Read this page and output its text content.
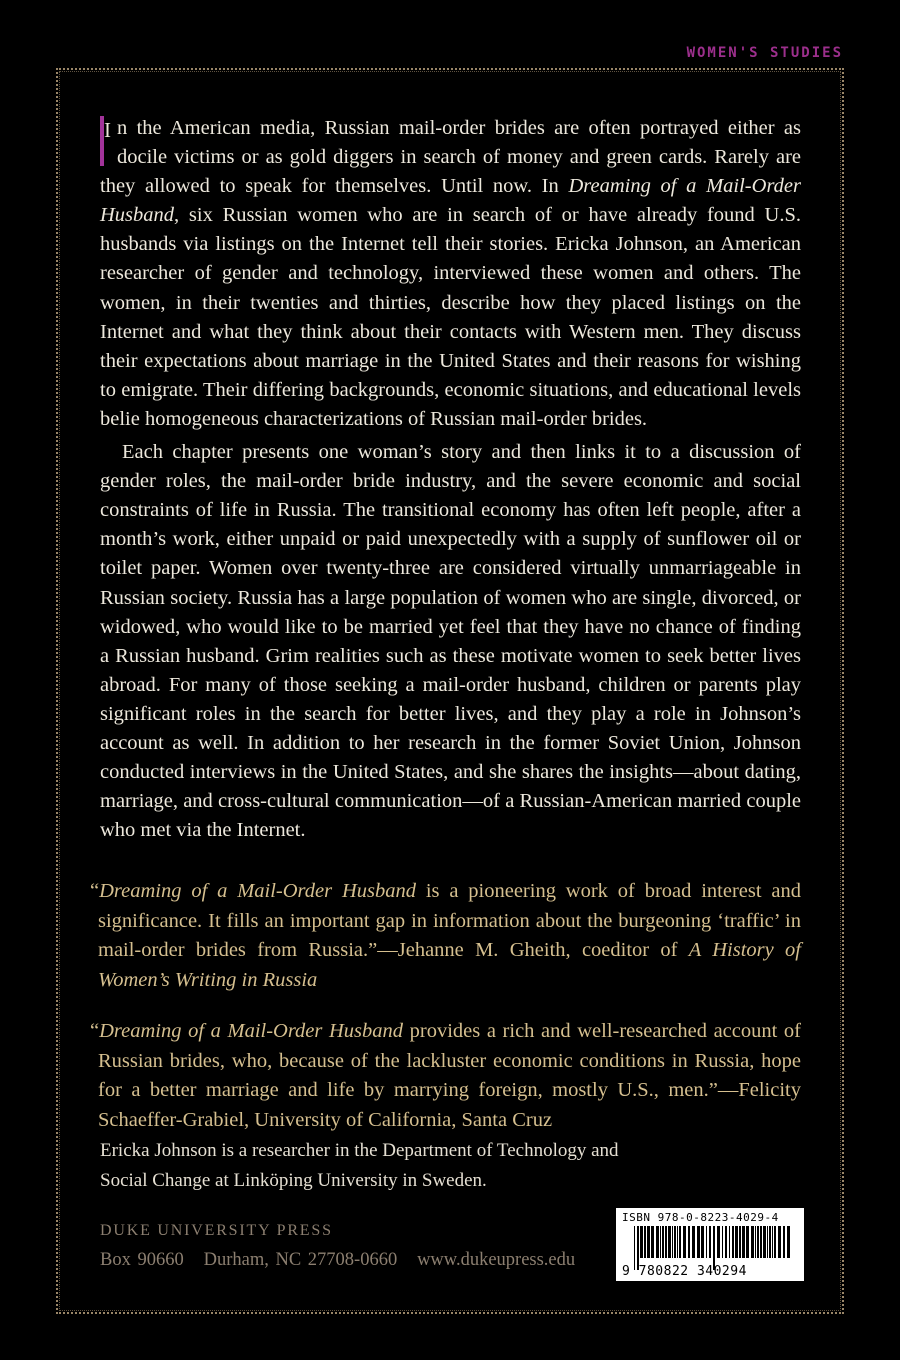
WOMEN'S STUDIES

I n the American media, Russian mail-order brides are often portrayed either as docile victims or as gold diggers in search of money and green cards. Rarely are they allowed to speak for themselves. Until now. In Dreaming of a Mail-Order Husband, six Russian women who are in search of or have already found U.S. husbands via listings on the Internet tell their stories. Ericka Johnson, an American researcher of gender and technology, interviewed these women and others. The women, in their twenties and thirties, describe how they placed listings on the Internet and what they think about their contacts with Western men. They discuss their expectations about marriage in the United States and their reasons for wishing to emigrate. Their differing backgrounds, economic situations, and educational levels belie homogeneous characterizations of Russian mail-order brides.

Each chapter presents one woman’s story and then links it to a discussion of gender roles, the mail-order bride industry, and the severe economic and social constraints of life in Russia. The transitional economy has often left people, after a month’s work, either unpaid or paid unexpectedly with a supply of sunflower oil or toilet paper. Women over twenty-three are considered virtually unmarriageable in Russian society. Russia has a large population of women who are single, divorced, or widowed, who would like to be married yet feel that they have no chance of finding a Russian husband. Grim realities such as these motivate women to seek better lives abroad. For many of those seeking a mail-order husband, children or parents play significant roles in the search for better lives, and they play a role in Johnson’s account as well. In addition to her research in the former Soviet Union, Johnson conducted interviews in the United States, and she shares the insights—about dating, marriage, and cross-cultural communication—of a Russian-American married couple who met via the Internet.

“Dreaming of a Mail-Order Husband is a pioneering work of broad interest and significance. It fills an important gap in information about the burgeoning ‘traffic’ in mail-order brides from Russia.”—Jehanne M. Gheith, coeditor of A History of Women’s Writing in Russia

“Dreaming of a Mail-Order Husband provides a rich and well-researched account of Russian brides, who, because of the lackluster economic conditions in Russia, hope for a better marriage and life by marrying foreign, mostly U.S., men.”—Felicity Schaeffer-Grabiel, University of California, Santa Cruz

Ericka Johnson is a researcher in the Department of Technology and Social Change at Linköping University in Sweden.

DUKE UNIVERSITY PRESS
Box 90660   Durham, NC 27708-0660   www.dukeupress.edu
ISBN 978-0-8223-4029-4
9 780822 340294
